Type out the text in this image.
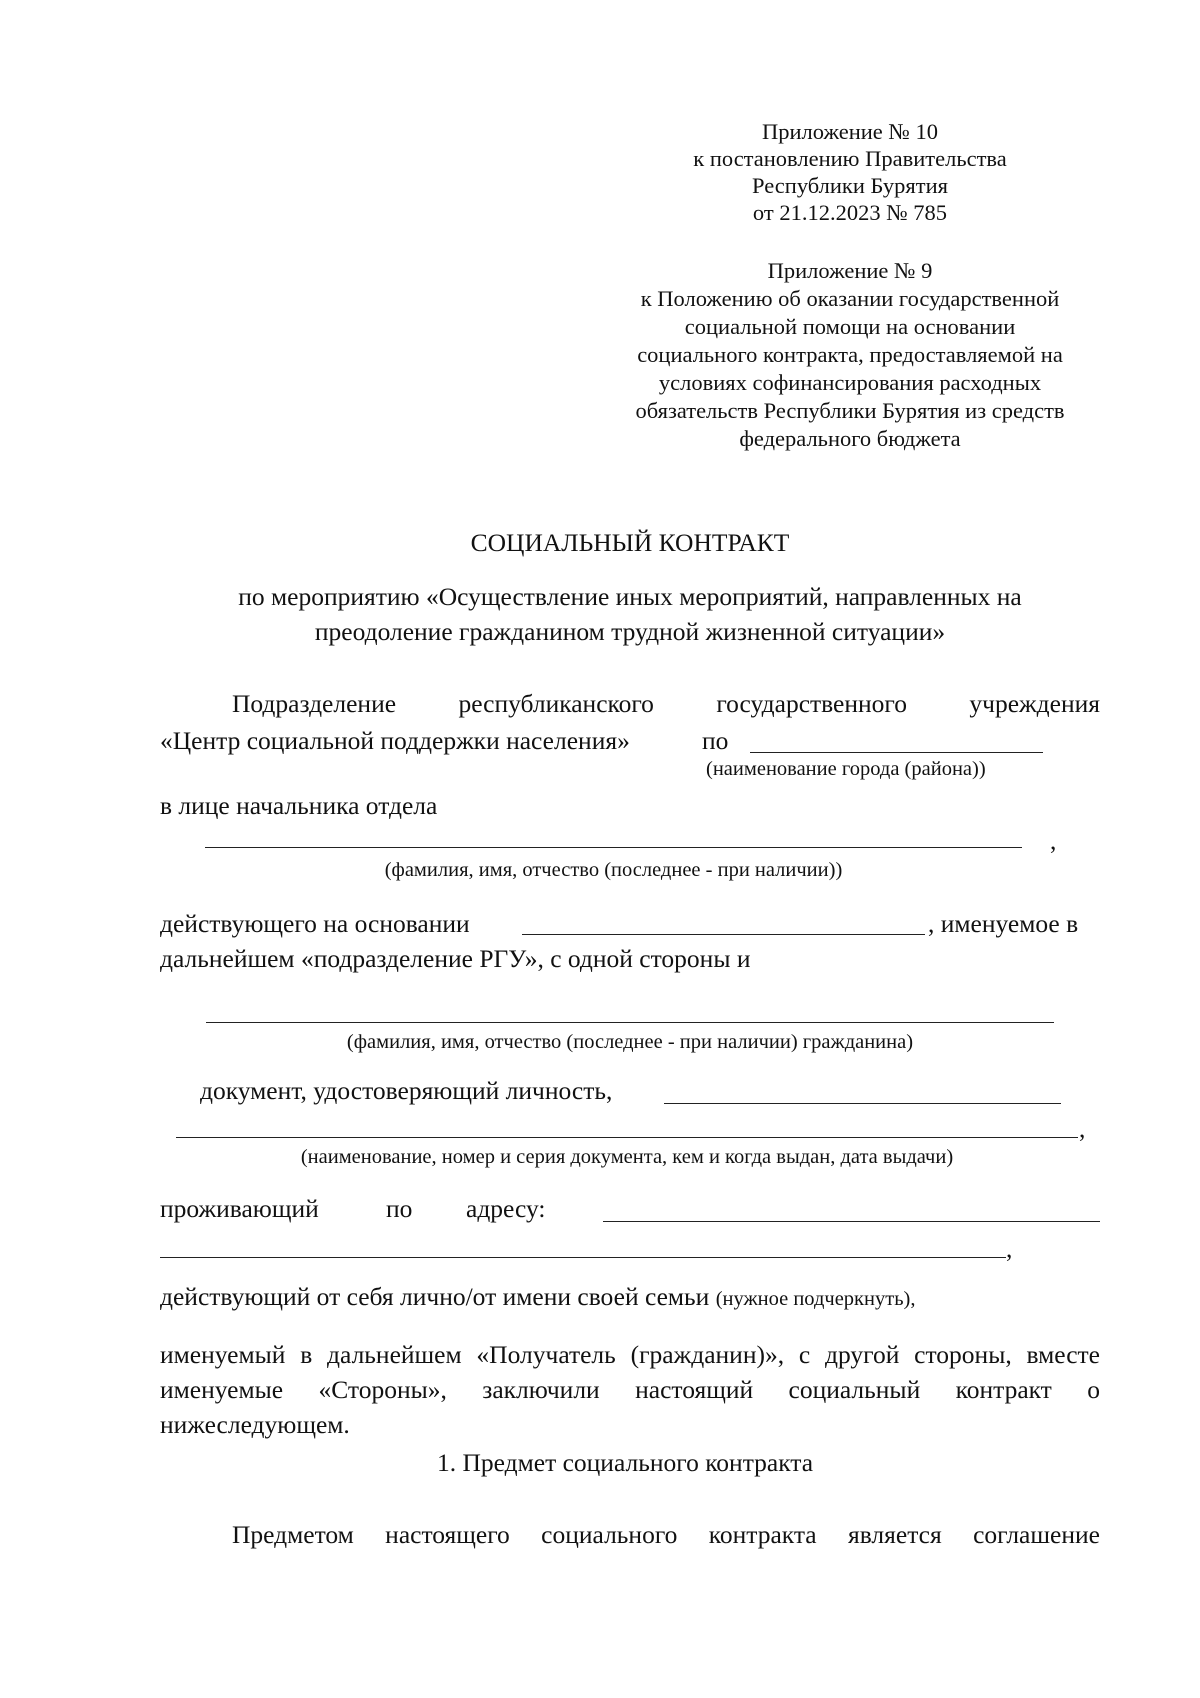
Приложение № 10
к постановлению Правительства
Республики Бурятия
от 21.12.2023 № 785
Приложение № 9
к Положению об оказании государственной
социальной помощи на основании
социального контракта, предоставляемой на
условиях софинансирования расходных
обязательств Республики Бурятия из средств
федерального бюджета
СОЦИАЛЬНЫЙ КОНТРАКТ
по мероприятию «Осуществление иных мероприятий, направленных на
преодоление гражданином трудной жизненной ситуации»
Подразделение республиканского государственного учреждения
«Центр социальной поддержки населения»	по
(наименование города (района))
в лице начальника отдела
,
(фамилия, имя, отчество (последнее - при наличии))
действующего на основании	, именуемое в
дальнейшем «подразделение РГУ», с одной стороны и
(фамилия, имя, отчество (последнее - при наличии) гражданина)
документ, удостоверяющий личность,
,
(наименование, номер и серия документа, кем и когда выдан, дата выдачи)
проживающий	по адресу:
,
действующий от себя лично/от имени своей семьи (нужное подчеркнуть),
именуемый в дальнейшем «Получатель (гражданин)», с другой стороны, вместе именуемые «Стороны», заключили настоящий социальный контракт о нижеследующем.
1. Предмет социального контракта
Предметом настоящего социального контракта является соглашение
